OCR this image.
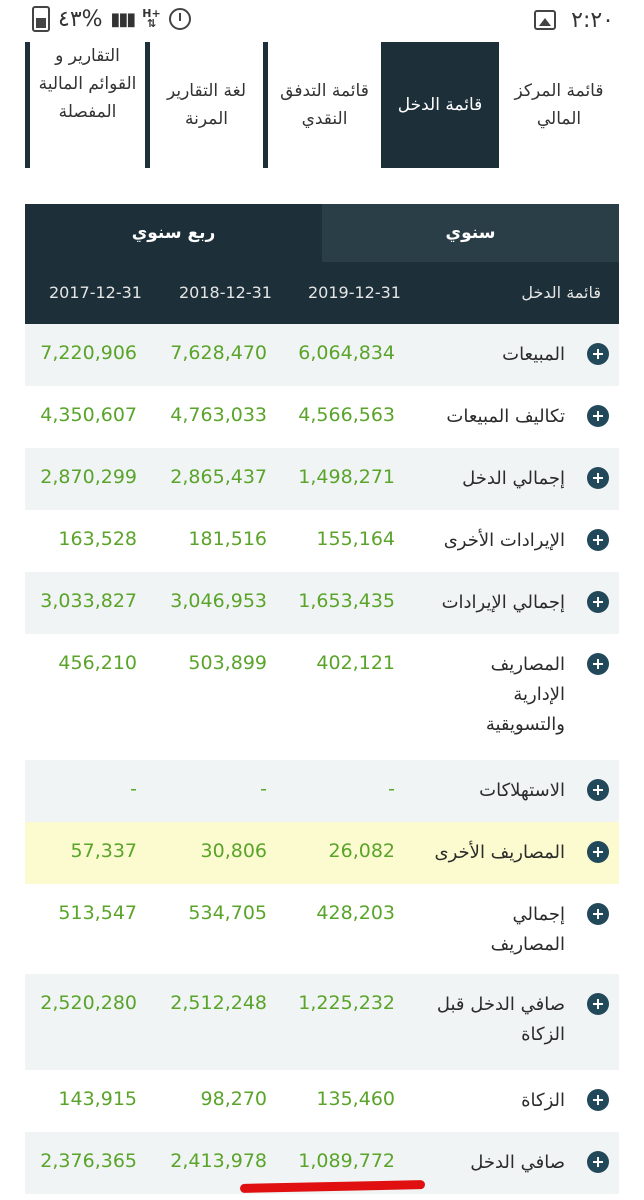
٤٣% ▮▮▮ H+
⇅	٢:٢٠
قائمة المركز المالي
قائمة الدخل
قائمة التدفق النقدي
لغة التقارير المرنة
التقارير و القوائم المالية المفصلة
ربع سنوي	سنوي
قائمة الدخل
2019-12-31
2018-12-31
2017-12-31
المبيعات
6,064,834
7,628,470
7,220,906
تكاليف المبيعات
4,566,563
4,763,033
4,350,607
إجمالي الدخل
1,498,271
2,865,437
2,870,299
الإيرادات الأخرى
155,164
181,516
163,528
إجمالي الإيرادات
1,653,435
3,046,953
3,033,827
المصاريف الإدارية والتسويقية
402,121
503,899
456,210
الاستهلاكات
-
-
-
المصاريف الأخرى
26,082
30,806
57,337
إجمالي المصاريف
428,203
534,705
513,547
صافي الدخل قبل الزكاة
1,225,232
2,512,248
2,520,280
الزكاة
135,460
98,270
143,915
صافي الدخل
1,089,772
2,413,978
2,376,365
